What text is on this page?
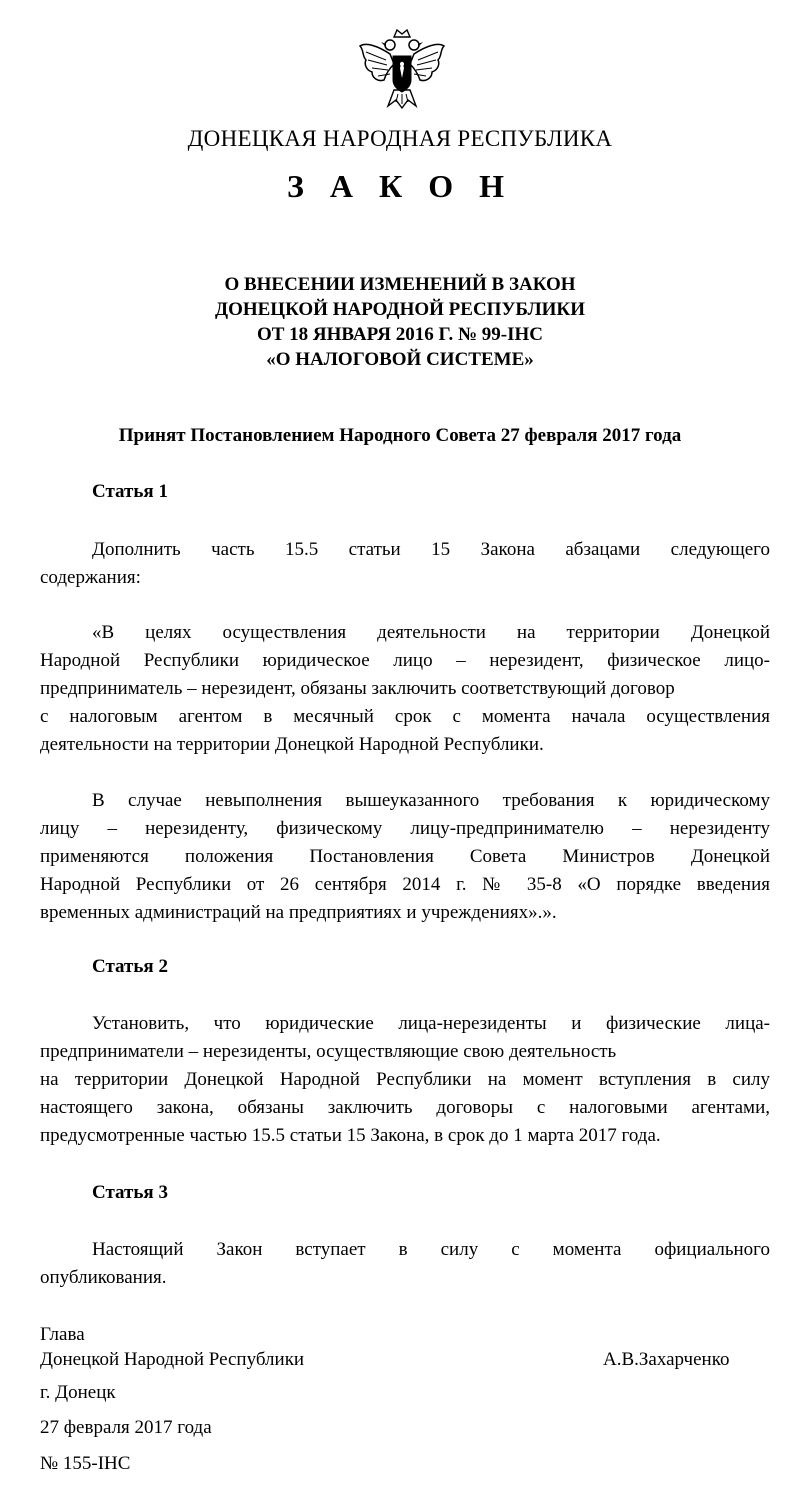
ДОНЕЦКАЯ НАРОДНАЯ РЕСПУБЛИКА
З А К О Н
О ВНЕСЕНИИ ИЗМЕНЕНИЙ В ЗАКОН
ДОНЕЦКОЙ НАРОДНОЙ РЕСПУБЛИКИ
ОТ 18 ЯНВАРЯ 2016 Г. № 99-IНС
«О НАЛОГОВОЙ СИСТЕМЕ»
Принят Постановлением Народного Совета 27 февраля 2017 года
Статья 1
Дополнить часть 15.5 статьи 15 Закона абзацами следующего
содержания:
«В целях осуществления деятельности на территории Донецкой
Народной Республики юридическое лицо – нерезидент, физическое лицо-
предприниматель – нерезидент, обязаны заключить соответствующий договор
с налоговым агентом в месячный срок с момента начала осуществления
деятельности на территории Донецкой Народной Республики.
В случае невыполнения вышеуказанного требования к юридическому
лицу – нерезиденту, физическому лицу-предпринимателю – нерезиденту
применяются положения Постановления Совета Министров Донецкой
Народной Республики от 26 сентября 2014 г. № 35-8 «О порядке введения
временных администраций на предприятиях и учреждениях».».
Статья 2
Установить, что юридические лица-нерезиденты и физические лица-
предприниматели – нерезиденты, осуществляющие свою деятельность
на территории Донецкой Народной Республики на момент вступления в силу
настоящего закона, обязаны заключить договоры с налоговыми агентами,
предусмотренные частью 15.5 статьи 15 Закона, в срок до 1 марта 2017 года.
Статья 3
Настоящий Закон вступает в силу с момента официального
опубликования.
Глава
Донецкой Народной Республики	А.В.Захарченко
г. Донецк
27 февраля 2017 года
№ 155-IНС
